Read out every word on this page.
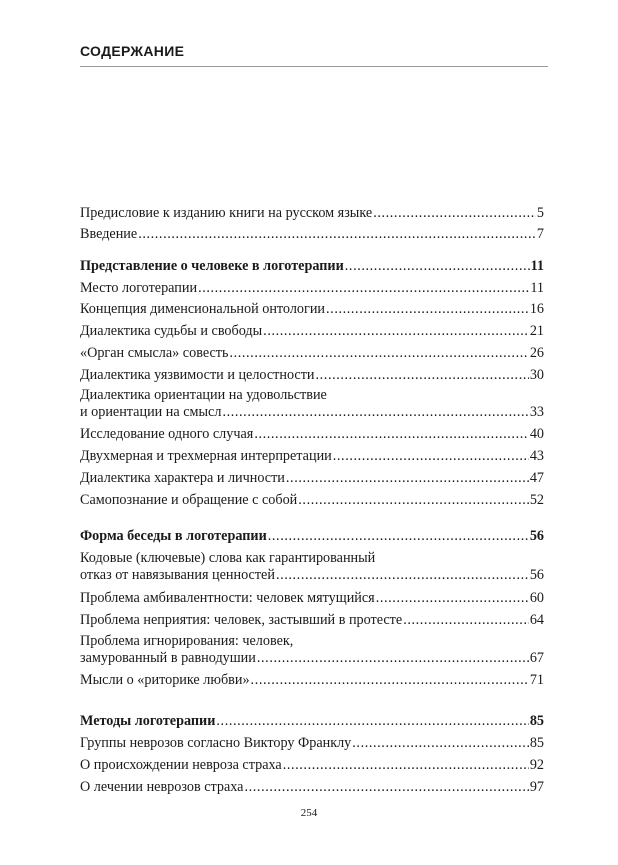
СОДЕРЖАНИЕ
Предисловие к изданию книги на русском языке .....	5
Введение .....	7
Представление о человеке в логотерапии .....	11
Место логотерапии .....	11
Концепция дименсиональной онтологии .....	16
Диалектика судьбы и свободы .....	21
«Орган смысла» совесть .....	26
Диалектика уязвимости и целостности .....	30
Диалектика ориентации на удовольствие
и ориентации на смысл .....	33
Исследование одного случая .....	40
Двухмерная и трехмерная интерпретации .....	43
Диалектика характера и личности .....	47
Самопознание и обращение с собой .....	52
Форма беседы в логотерапии .....	56
Кодовые (ключевые) слова как гарантированный
отказ от навязывания ценностей .....	56
Проблема амбивалентности: человек мятущийся .....	60
Проблема неприятия: человек, застывший в протесте .....	64
Проблема игнорирования: человек,
замурованный в равнодушии .....	67
Мысли о «риторике любви» .....	71
Методы логотерапии .....	85
Группы неврозов согласно Виктору Франклу .....	85
О происхождении невроза страха .....	92
О лечении неврозов страха .....	97
254
